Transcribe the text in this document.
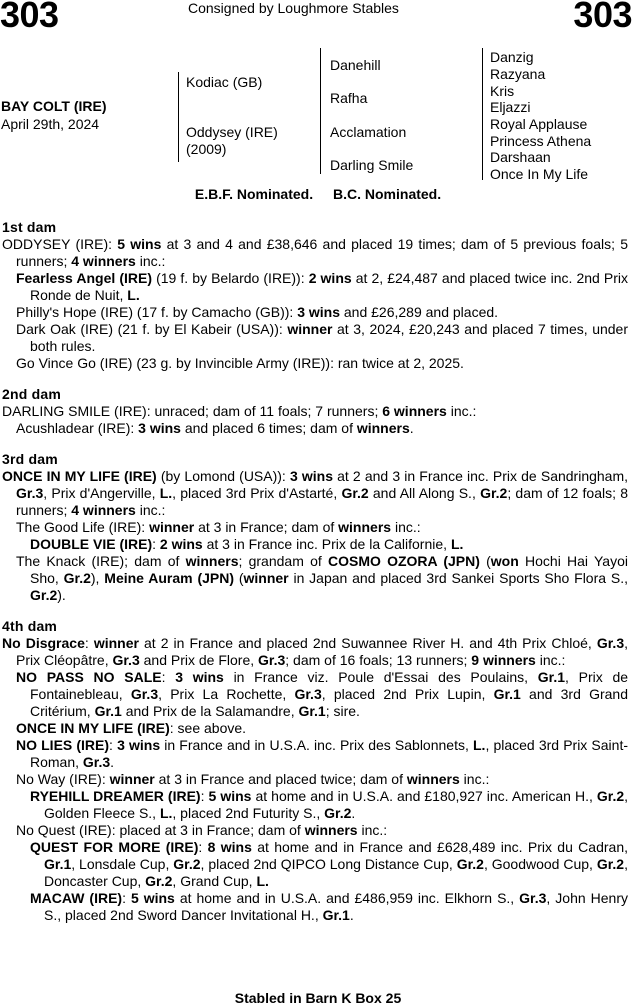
303	Consigned by Loughmore Stables	303
BAY COLT (IRE)
April 29th, 2024
Kodiac (GB)
Oddysey (IRE)
(2009)
Danehill
Rafha
Acclamation
Darling Smile
Danzig
Razyana
Kris
Eljazzi
Royal Applause
Princess Athena
Darshaan
Once In My Life
E.B.F. Nominated. B.C. Nominated.
1st dam
ODDYSEY (IRE): 5 wins at 3 and 4 and £38,646 and placed 19 times; dam of 5 previous foals; 5 runners; 4 winners inc.:
Fearless Angel (IRE) (19 f. by Belardo (IRE)): 2 wins at 2, £24,487 and placed twice inc. 2nd Prix Ronde de Nuit, L.
Philly's Hope (IRE) (17 f. by Camacho (GB)): 3 wins and £26,289 and placed.
Dark Oak (IRE) (21 f. by El Kabeir (USA)): winner at 3, 2024, £20,243 and placed 7 times, under both rules.
Go Vince Go (IRE) (23 g. by Invincible Army (IRE)): ran twice at 2, 2025.
2nd dam
DARLING SMILE (IRE): unraced; dam of 11 foals; 7 runners; 6 winners inc.:
Acushladear (IRE): 3 wins and placed 6 times; dam of winners.
3rd dam
ONCE IN MY LIFE (IRE) (by Lomond (USA)): 3 wins at 2 and 3 in France inc. Prix de Sandringham, Gr.3, Prix d'Angerville, L., placed 3rd Prix d'Astarté, Gr.2 and All Along S., Gr.2; dam of 12 foals; 8 runners; 4 winners inc.:
The Good Life (IRE): winner at 3 in France; dam of winners inc.:
DOUBLE VIE (IRE): 2 wins at 3 in France inc. Prix de la Californie, L.
The Knack (IRE); dam of winners; grandam of COSMO OZORA (JPN) (won Hochi Hai Yayoi Sho, Gr.2), Meine Auram (JPN) (winner in Japan and placed 3rd Sankei Sports Sho Flora S., Gr.2).
4th dam
No Disgrace: winner at 2 in France and placed 2nd Suwannee River H. and 4th Prix Chloé, Gr.3, Prix Cléopâtre, Gr.3 and Prix de Flore, Gr.3; dam of 16 foals; 13 runners; 9 winners inc.:
NO PASS NO SALE: 3 wins in France viz. Poule d'Essai des Poulains, Gr.1, Prix de Fontainebleau, Gr.3, Prix La Rochette, Gr.3, placed 2nd Prix Lupin, Gr.1 and 3rd Grand Critérium, Gr.1 and Prix de la Salamandre, Gr.1; sire.
ONCE IN MY LIFE (IRE): see above.
NO LIES (IRE): 3 wins in France and in U.S.A. inc. Prix des Sablonnets, L., placed 3rd Prix Saint-Roman, Gr.3.
No Way (IRE): winner at 3 in France and placed twice; dam of winners inc.:
RYEHILL DREAMER (IRE): 5 wins at home and in U.S.A. and £180,927 inc. American H., Gr.2, Golden Fleece S., L., placed 2nd Futurity S., Gr.2.
No Quest (IRE): placed at 3 in France; dam of winners inc.:
QUEST FOR MORE (IRE): 8 wins at home and in France and £628,489 inc. Prix du Cadran, Gr.1, Lonsdale Cup, Gr.2, placed 2nd QIPCO Long Distance Cup, Gr.2, Goodwood Cup, Gr.2, Doncaster Cup, Gr.2, Grand Cup, L.
MACAW (IRE): 5 wins at home and in U.S.A. and £486,959 inc. Elkhorn S., Gr.3, John Henry S., placed 2nd Sword Dancer Invitational H., Gr.1.
Stabled in Barn K Box 25
